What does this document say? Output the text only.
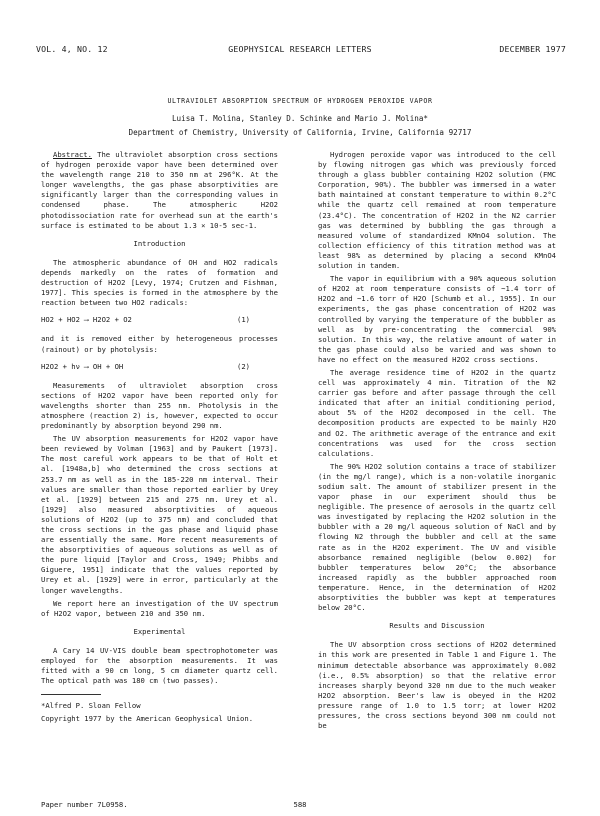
VOL. 4, NO. 12	GEOPHYSICAL RESEARCH LETTERS	DECEMBER 1977
ULTRAVIOLET ABSORPTION SPECTRUM OF HYDROGEN PEROXIDE VAPOR
Luisa T. Molina, Stanley D. Schinke and Mario J. Molina*
Department of Chemistry, University of California, Irvine, California 92717

Abstract. The ultraviolet absorption cross sections of hydrogen peroxide vapor have been determined over the wavelength range 210 to 350 nm at 296°K. At the longer wavelengths, the gas phase absorptivities are significantly larger than the corresponding values in condensed phase. The atmospheric H2O2 photodissociation rate for overhead sun at the earth's surface is estimated to be about 1.3 × 10-5 sec-1.

Introduction

The atmospheric abundance of OH and HO2 radicals depends markedly on the rates of formation and destruction of H2O2 [Levy, 1974; Crutzen and Fishman, 1977]. This species is formed in the atmosphere by the reaction between two HO2 radicals:

HO2 + HO2 ⟶ H2O2 + O2	(1)

and it is removed either by heterogeneous processes (rainout) or by photolysis:

H2O2 + hν ⟶ OH + OH	(2)

Measurements of ultraviolet absorption cross sections of H2O2 vapor have been reported only for wavelengths shorter than 255 nm. Photolysis in the atmosphere (reaction 2) is, however, expected to occur predominantly by absorption beyond 290 nm.

The UV absorption measurements for H2O2 vapor have been reviewed by Volman [1963] and by Paukert [1973]. The most careful work appears to be that of Holt et al. [1948a,b] who determined the cross sections at 253.7 nm as well as in the 185-220 nm interval. Their values are smaller than those reported earlier by Urey et al. [1929] between 215 and 275 nm. Urey et al. [1929] also measured absorptivities of aqueous solutions of H2O2 (up to 375 nm) and concluded that the cross sections in the gas phase and liquid phase are essentially the same. More recent measurements of the absorptivities of aqueous solutions as well as of the pure liquid [Taylor and Cross, 1949; Phibbs and Giguere, 1951] indicate that the values reported by Urey et al. [1929] were in error, particularly at the longer wavelengths.

We report here an investigation of the UV spectrum of H2O2 vapor, between 210 and 350 nm.

Experimental

A Cary 14 UV-VIS double beam spectrophotometer was employed for the absorption measurements. It was fitted with a 90 cm long, 5 cm diameter quartz cell. The optical path was 180 cm (two passes).

*Alfred P. Sloan Fellow

Copyright 1977 by the American Geophysical Union.

Hydrogen peroxide vapor was introduced to the cell by flowing nitrogen gas which was previously forced through a glass bubbler containing H2O2 solution (FMC Corporation, 90%). The bubbler was immersed in a water bath maintained at constant temperature to within 0.2°C while the quartz cell remained at room temperature (23.4°C). The concentration of H2O2 in the N2 carrier gas was determined by bubbling the gas through a measured volume of standardized KMnO4 solution. The collection efficiency of this titration method was at least 98% as determined by placing a second KMnO4 solution in tandem.

The vapor in equilibrium with a 90% aqueous solution of H2O2 at room temperature consists of ~1.4 torr of H2O2 and ~1.6 torr of H2O [Schumb et al., 1955]. In our experiments, the gas phase concentration of H2O2 was controlled by varying the temperature of the bubbler as well as by pre-concentrating the commercial 90% solution. In this way, the relative amount of water in the gas phase could also be varied and was shown to have no effect on the measured H2O2 cross sections.

The average residence time of H2O2 in the quartz cell was approximately 4 min. Titration of the N2 carrier gas before and after passage through the cell indicated that after an initial conditioning period, about 5% of the H2O2 decomposed in the cell. The decomposition products are expected to be mainly H2O and O2. The arithmetic average of the entrance and exit concentrations was used for the cross section calculations.

The 90% H2O2 solution contains a trace of stabilizer (in the mg/l range), which is a non-volatile inorganic sodium salt. The amount of stabilizer present in the vapor phase in our experiment should thus be negligible. The presence of aerosols in the quartz cell was investigated by replacing the H2O2 solution in the bubbler with a 20 mg/l aqueous solution of NaCl and by flowing N2 through the bubbler and cell at the same rate as in the H2O2 experiment. The UV and visible absorbance remained negligible (below 0.002) for bubbler temperatures below 20°C; the absorbance increased rapidly as the bubbler approached room temperature. Hence, in the determination of H2O2 absorptivities the bubbler was kept at temperatures below 20°C.

Results and Discussion

The UV absorption cross sections of H2O2 determined in this work are presented in Table 1 and Figure 1. The minimum detectable absorbance was approximately 0.002 (i.e., 0.5% absorption) so that the relative error increases sharply beyond 320 nm due to the much weaker H2O2 absorption. Beer's law is obeyed in the H2O2 pressure range of 1.0 to 1.5 torr; at lower H2O2 pressures, the cross sections beyond 300 nm could not be

Paper number 7L0958.	588
